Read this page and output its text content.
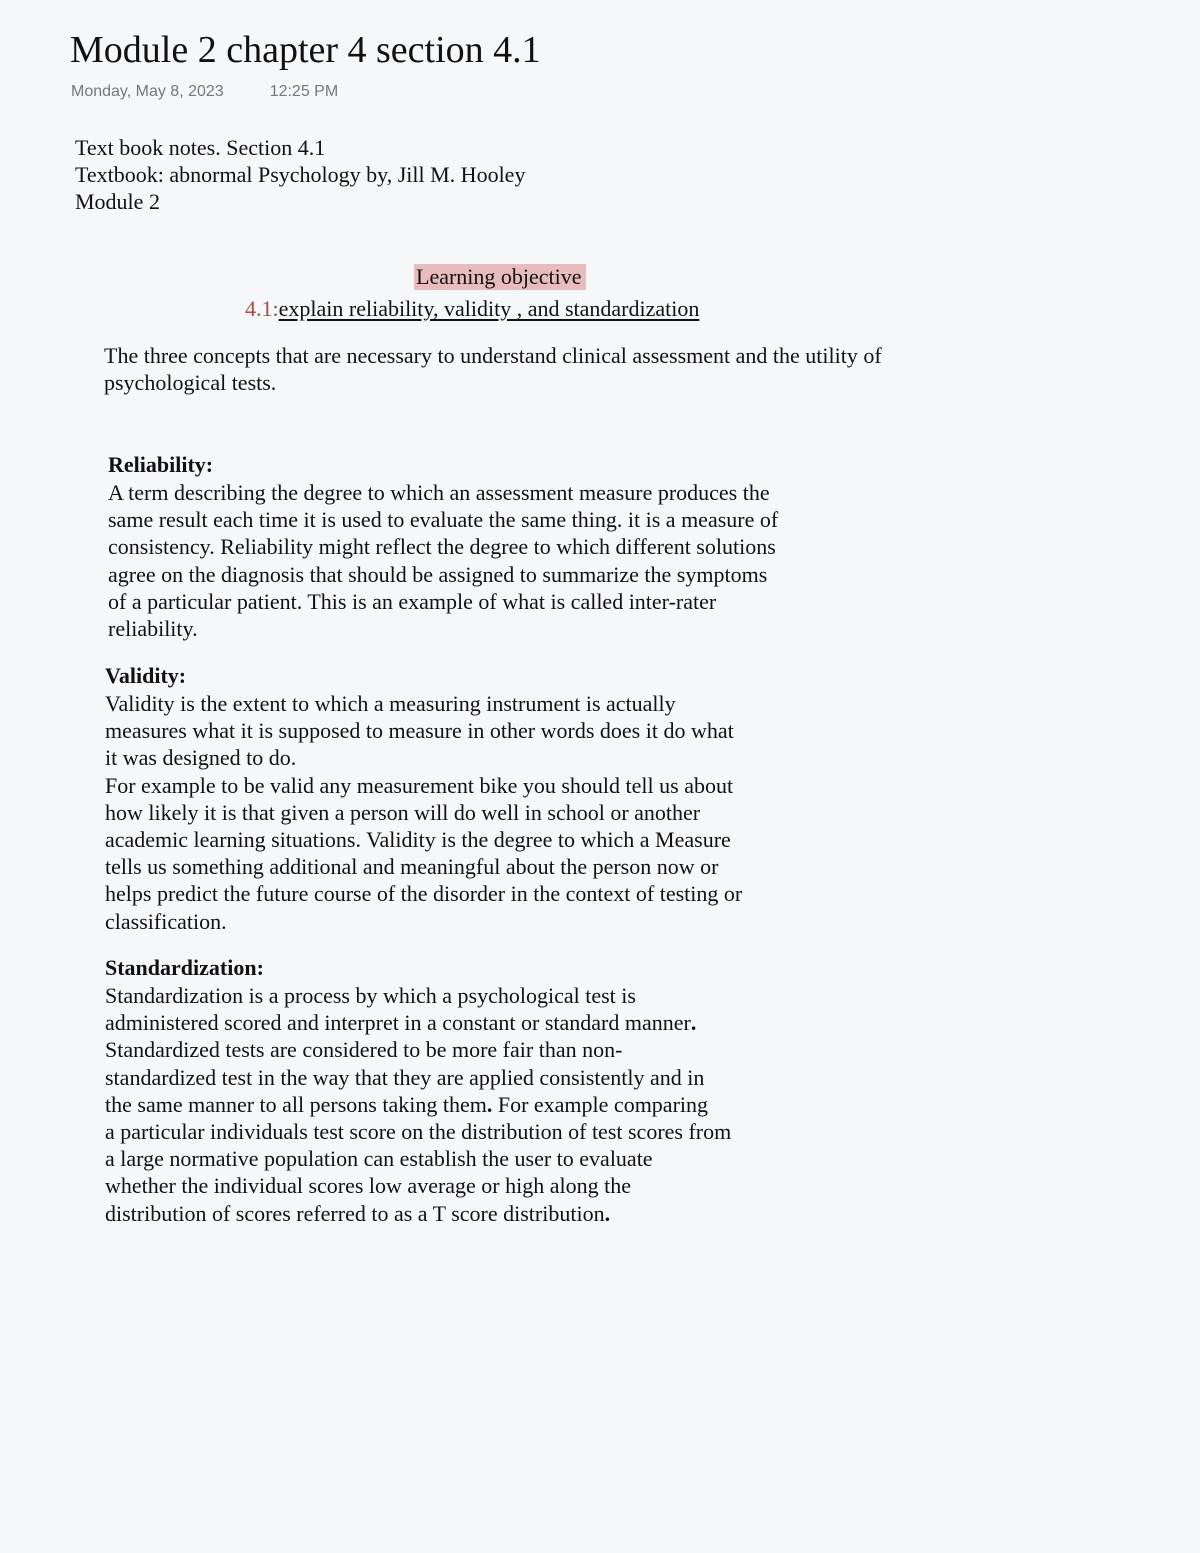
Module 2 chapter 4 section 4.1
Monday, May 8, 2023	12:25 PM
Text book notes. Section 4.1
Textbook: abnormal Psychology by, Jill M. Hooley
Module 2
Learning objective
4.1:explain reliability, validity , and standardization
The three concepts that are necessary to understand clinical assessment and the utility of
psychological tests.
Reliability:
A term describing the degree to which an assessment measure produces the
same result each time it is used to evaluate the same thing. it is a measure of
consistency. Reliability might reflect the degree to which different solutions
agree on the diagnosis that should be assigned to summarize the symptoms
of a particular patient. This is an example of what is called inter-rater
reliability.
Validity:
Validity is the extent to which a measuring instrument is actually
measures what it is supposed to measure in other words does it do what
it was designed to do.
For example to be valid any measurement bike you should tell us about
how likely it is that given a person will do well in school or another
academic learning situations. Validity is the degree to which a Measure
tells us something additional and meaningful about the person now or
helps predict the future course of the disorder in the context of testing or
classification.
Standardization:
Standardization is a process by which a psychological test is
administered scored and interpret in a constant or standard manner.
Standardized tests are considered to be more fair than non-
standardized test in the way that they are applied consistently and in
the same manner to all persons taking them. For example comparing
a particular individuals test score on the distribution of test scores from
a large normative population can establish the user to evaluate
whether the individual scores low average or high along the
distribution of scores referred to as a T score distribution.
